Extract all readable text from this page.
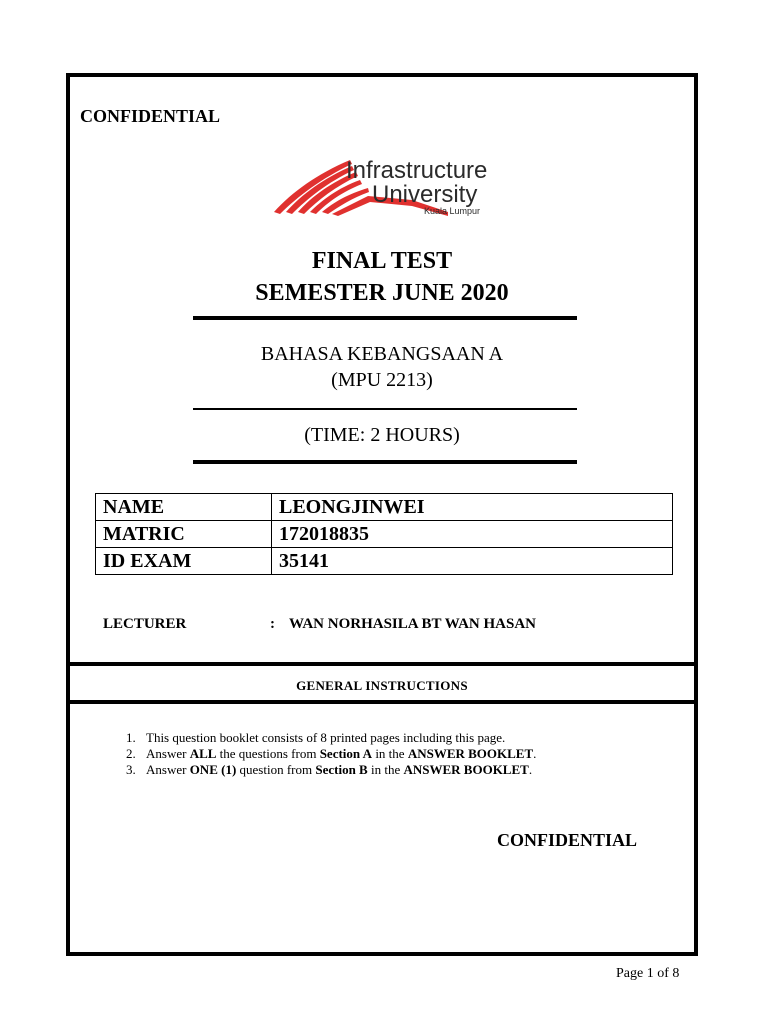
CONFIDENTIAL
Infrastructure
University
Kuala Lumpur
FINAL TEST
SEMESTER JUNE 2020
BAHASA KEBANGSAAN A
(MPU 2213)
(TIME: 2 HOURS)
NAME	LEONGJINWEI
MATRIC	172018835
ID EXAM	35141
LECTURER	: WAN NORHASILA BT WAN HASAN
GENERAL INSTRUCTIONS
1. This question booklet consists of 8 printed pages including this page.
2. Answer ALL the questions from Section A in the ANSWER BOOKLET.
3. Answer ONE (1) question from Section B in the ANSWER BOOKLET.
CONFIDENTIAL
Page 1 of 8
